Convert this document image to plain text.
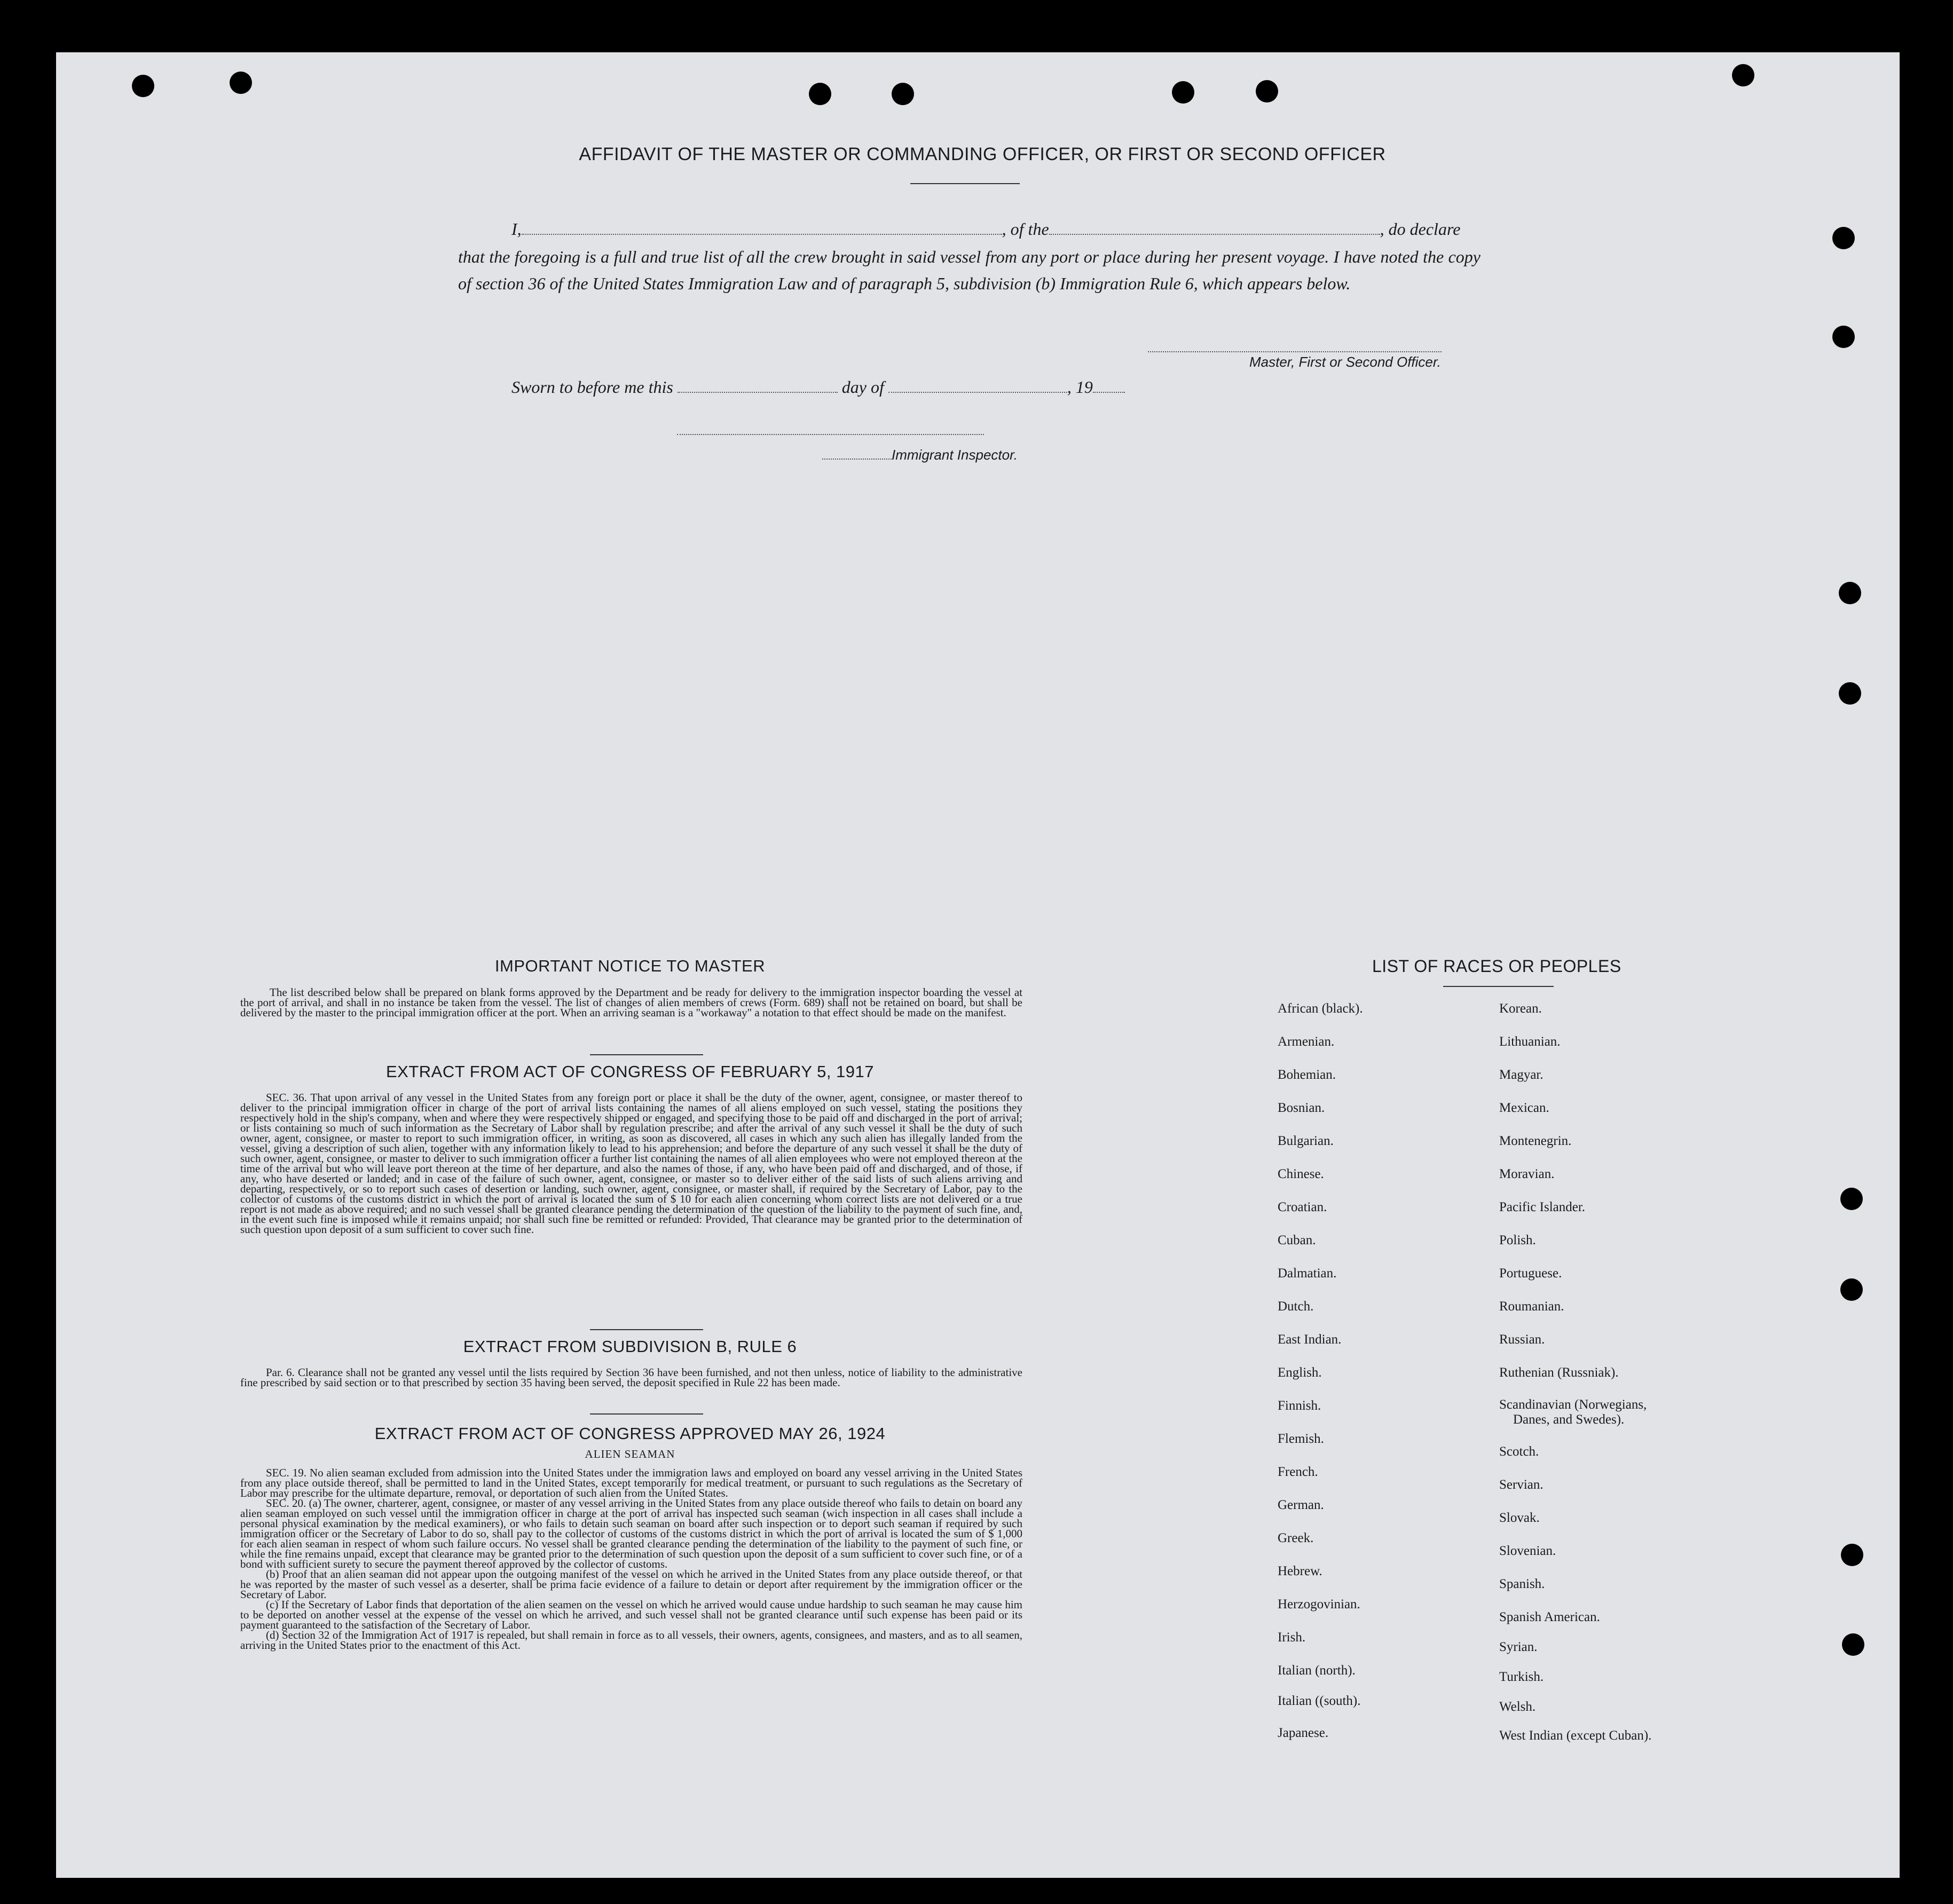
AFFIDAVIT OF THE MASTER OR COMMANDING OFFICER, OR FIRST OR SECOND OFFICER
I,	, of the	, do declare
that the foregoing is a full and true list of all the crew brought in said vessel from any port or place during her present voyage. I have noted the copy of section 36 of the United States Immigration Law and of paragraph 5, subdivision (b) Immigration Rule 6, which appears below.
Master, First or Second Officer.
Sworn to before me this	day of	, 19
Immigrant Inspector.
IMPORTANT NOTICE TO MASTER
The list described below shall be prepared on blank forms approved by the Department and be ready for delivery to the immigration inspector boarding the vessel at the port of arrival, and shall in no instance be taken from the vessel. The list of changes of alien members of crews (Form. 689) shall not be retained on board, but shall be delivered by the master to the principal immigration officer at the port. When an arriving seaman is a "workaway" a notation to that effect should be made on the manifest.
EXTRACT FROM ACT OF CONGRESS OF FEBRUARY 5, 1917
SEC. 36. That upon arrival of any vessel in the United States from any foreign port or place it shall be the duty of the owner, agent, consignee, or master thereof to deliver to the principal immigration officer in charge of the port of arrival lists containing the names of all aliens employed on such vessel, stating the positions they respectively hold in the ship's company, when and where they were respectively shipped or engaged, and specifying those to be paid off and discharged in the port of arrival; or lists containing so much of such information as the Secretary of Labor shall by regulation prescribe; and after the arrival of any such vessel it shall be the duty of such owner, agent, consignee, or master to report to such immigration officer, in writing, as soon as discovered, all cases in which any such alien has illegally landed from the vessel, giving a description of such alien, together with any information likely to lead to his apprehension; and before the departure of any such vessel it shall be the duty of such owner, agent, consignee, or master to deliver to such immigration officer a further list containing the names of all alien employees who were not employed thereon at the time of the arrival but who will leave port thereon at the time of her departure, and also the names of those, if any, who have been paid off and discharged, and of those, if any, who have deserted or landed; and in case of the failure of such owner, agent, consignee, or master so to deliver either of the said lists of such aliens arriving and departing, respectively, or so to report such cases of desertion or landing, such owner, agent, consignee, or master shall, if required by the Secretary of Labor, pay to the collector of customs of the customs district in which the port of arrival is located the sum of $ 10 for each alien concerning whom correct lists are not delivered or a true report is not made as above required; and no such vessel shall be granted clearance pending the determination of the question of the liability to the payment of such fine, and, in the event such fine is imposed while it remains unpaid; nor shall such fine be remitted or refunded: Provided, That clearance may be granted prior to the determination of such question upon deposit of a sum sufficient to cover such fine.
EXTRACT FROM SUBDIVISION B, RULE 6
Par. 6. Clearance shall not be granted any vessel until the lists required by Section 36 have been furnished, and not then unless, notice of liability to the administrative fine prescribed by said section or to that prescribed by section 35 having been served, the deposit specified in Rule 22 has been made.
EXTRACT FROM ACT OF CONGRESS APPROVED MAY 26, 1924
ALIEN SEAMAN
SEC. 19. No alien seaman excluded from admission into the United States under the immigration laws and employed on board any vessel arriving in the United States from any place outside thereof, shall be permitted to land in the United States, except temporarily for medical treatment, or pursuant to such regulations as the Secretary of Labor may prescribe for the ultimate departure, removal, or deportation of such alien from the United States.
SEC. 20. (a) The owner, charterer, agent, consignee, or master of any vessel arriving in the United States from any place outside thereof who fails to detain on board any alien seaman employed on such vessel until the immigration officer in charge at the port of arrival has inspected such seaman (wich inspection in all cases shall include a personal physical examination by the medical examiners), or who fails to detain such seaman on board after such inspection or to deport such seaman if required by such immigration officer or the Secretary of Labor to do so, shall pay to the collector of customs of the customs district in which the port of arrival is located the sum of $ 1,000 for each alien seaman in respect of whom such failure occurs. No vessel shall be granted clearance pending the determination of the liability to the payment of such fine, or while the fine remains unpaid, except that clearance may be granted prior to the determination of such question upon the deposit of a sum sufficient to cover such fine, or of a bond with sufficient surety to secure the payment thereof approved by the collector of customs.
(b) Proof that an alien seaman did not appear upon the outgoing manifest of the vessel on which he arrived in the United States from any place outside thereof, or that he was reported by the master of such vessel as a deserter, shall be prima facie evidence of a failure to detain or deport after requirement by the immigration officer or the Secretary of Labor.
(c) If the Secretary of Labor finds that deportation of the alien seamen on the vessel on which he arrived would cause undue hardship to such seaman he may cause him to be deported on another vessel at the expense of the vessel on which he arrived, and such vessel shall not be granted clearance until such expense has been paid or its payment guaranteed to the satisfaction of the Secretary of Labor.
(d) Section 32 of the Immigration Act of 1917 is repealed, but shall remain in force as to all vessels, their owners, agents, consignees, and masters, and as to all seamen, arriving in the United States prior to the enactment of this Act.
LIST OF RACES OR PEOPLES
African (black).
Armenian.
Bohemian.
Bosnian.
Bulgarian.
Chinese.
Croatian.
Cuban.
Dalmatian.
Dutch.
East Indian.
English.
Finnish.
Flemish.
French.
German.
Greek.
Hebrew.
Herzogovinian.
Irish.
Italian (north).
Italian ((south).
Japanese.
Korean.
Lithuanian.
Magyar.
Mexican.
Montenegrin.
Moravian.
Pacific Islander.
Polish.
Portuguese.
Roumanian.
Russian.
Ruthenian (Russniak).
Scandinavian (Norwegians,
Danes, and Swedes).
Scotch.
Servian.
Slovak.
Slovenian.
Spanish.
Spanish American.
Syrian.
Turkish.
Welsh.
West Indian (except Cuban).
